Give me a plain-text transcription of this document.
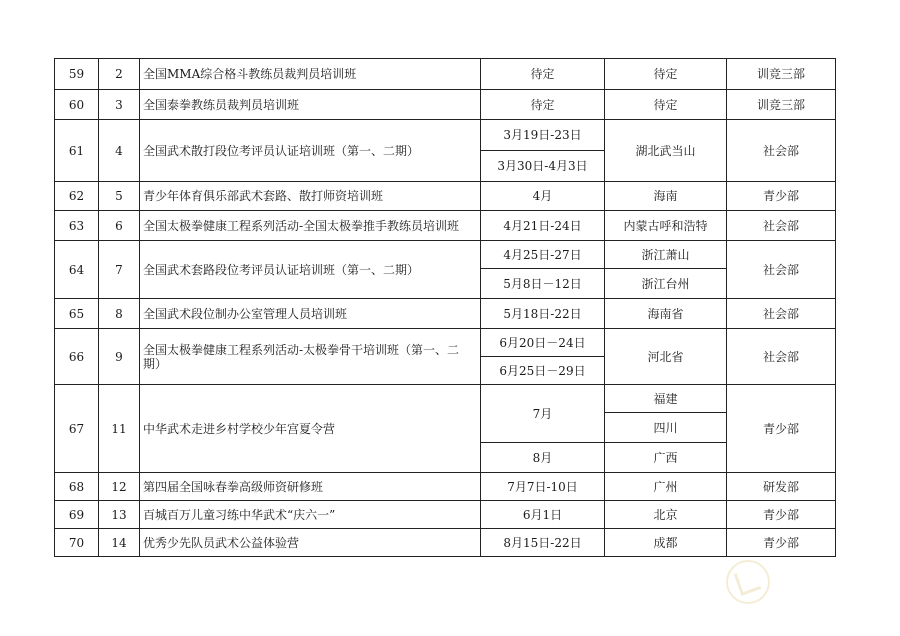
59	2	全国MMA综合格斗教练员裁判员培训班	待定	待定	训竞三部
60	3	全国泰拳教练员裁判员培训班	待定	待定	训竞三部
61	4	全国武术散打段位考评员认证培训班（第一、二期）	3月19日-23日	湖北武当山	社会部
			3月30日-4月3日		
62	5	青少年体育俱乐部武术套路、散打师资培训班	4月	海南	青少部
63	6	全国太极拳健康工程系列活动-全国太极拳推手教练员培训班	4月21日-24日	内蒙古呼和浩特	社会部
64	7	全国武术套路段位考评员认证培训班（第一、二期）	4月25日-27日	浙江萧山	社会部
			5月8日－12日	浙江台州	
65	8	全国武术段位制办公室管理人员培训班	5月18日-22日	海南省	社会部
66	9	全国太极拳健康工程系列活动-太极拳骨干培训班（第一、二期）	6月20日－24日	河北省	社会部
			6月25日－29日		
67	11	中华武术走进乡村学校少年宫夏令营	7月	福建	青少部
				四川	
			8月	广西	
68	12	第四届全国咏春拳高级师资研修班	7月7日-10日	广州	研发部
69	13	百城百万儿童习练中华武术“庆六一”	6月1日	北京	青少部
70	14	优秀少先队员武术公益体验营	8月15日-22日	成都	青少部
